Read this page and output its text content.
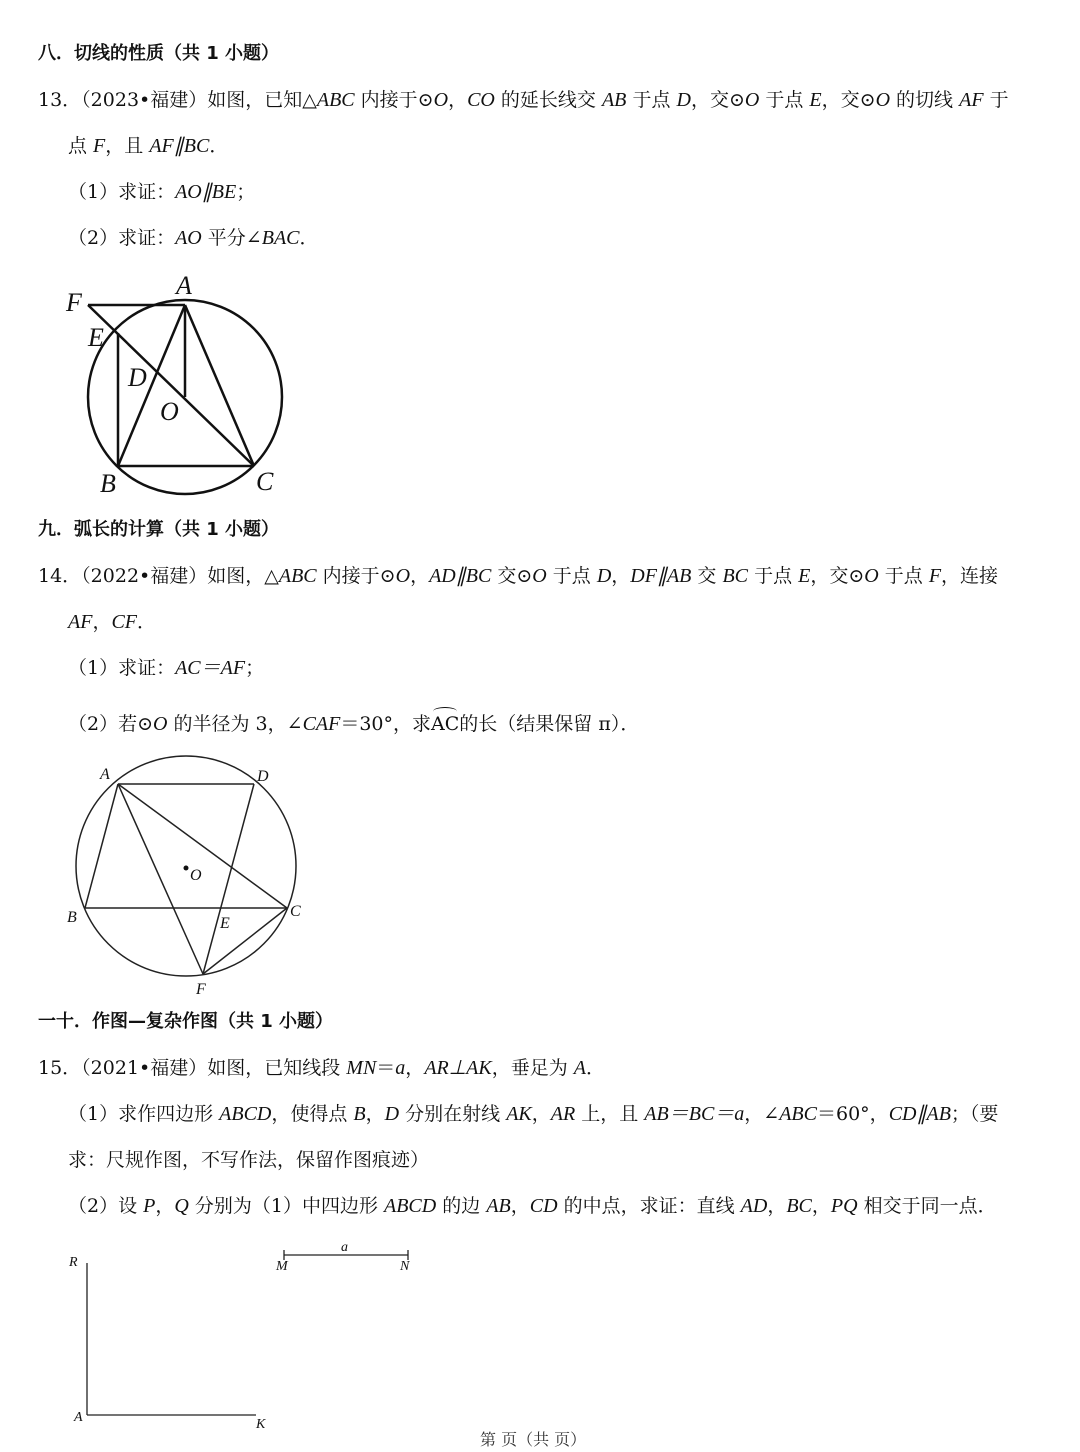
八．切线的性质（共 1 小题）
13．（2023•福建）如图，已知△ABC 内接于⊙O，CO 的延长线交 AB 于点 D，交⊙O 于点 E，交⊙O 的切线 AF 于
点 F，且 AF∥BC．
（1）求证：AO∥BE；
（2）求证：AO 平分∠BAC．
F
A
E
D
O
B	C
A	D
O
B	C
E
F
R
A	K
a
M	N
九．弧长的计算（共 1 小题）
14．（2022•福建）如图，△ABC 内接于⊙O，AD∥BC 交⊙O 于点 D，DF∥AB 交 BC 于点 E，交⊙O 于点 F，连接
AF，CF．
（1）求证：AC＝AF；
（2）若⊙O 的半径为 3，∠CAF＝30°，求AC的长（结果保留 π）．
一十．作图—复杂作图（共 1 小题）
15．（2021•福建）如图，已知线段 MN＝a，AR⊥AK，垂足为 A．
（1）求作四边形 ABCD，使得点 B，D 分别在射线 AK，AR 上，且 AB＝BC＝a，∠ABC＝60°，CD∥AB；（要
求：尺规作图，不写作法，保留作图痕迹）
（2）设 P，Q 分别为（1）中四边形 ABCD 的边 AB，CD 的中点，求证：直线 AD，BC，PQ 相交于同一点．
第 页（共 页）
